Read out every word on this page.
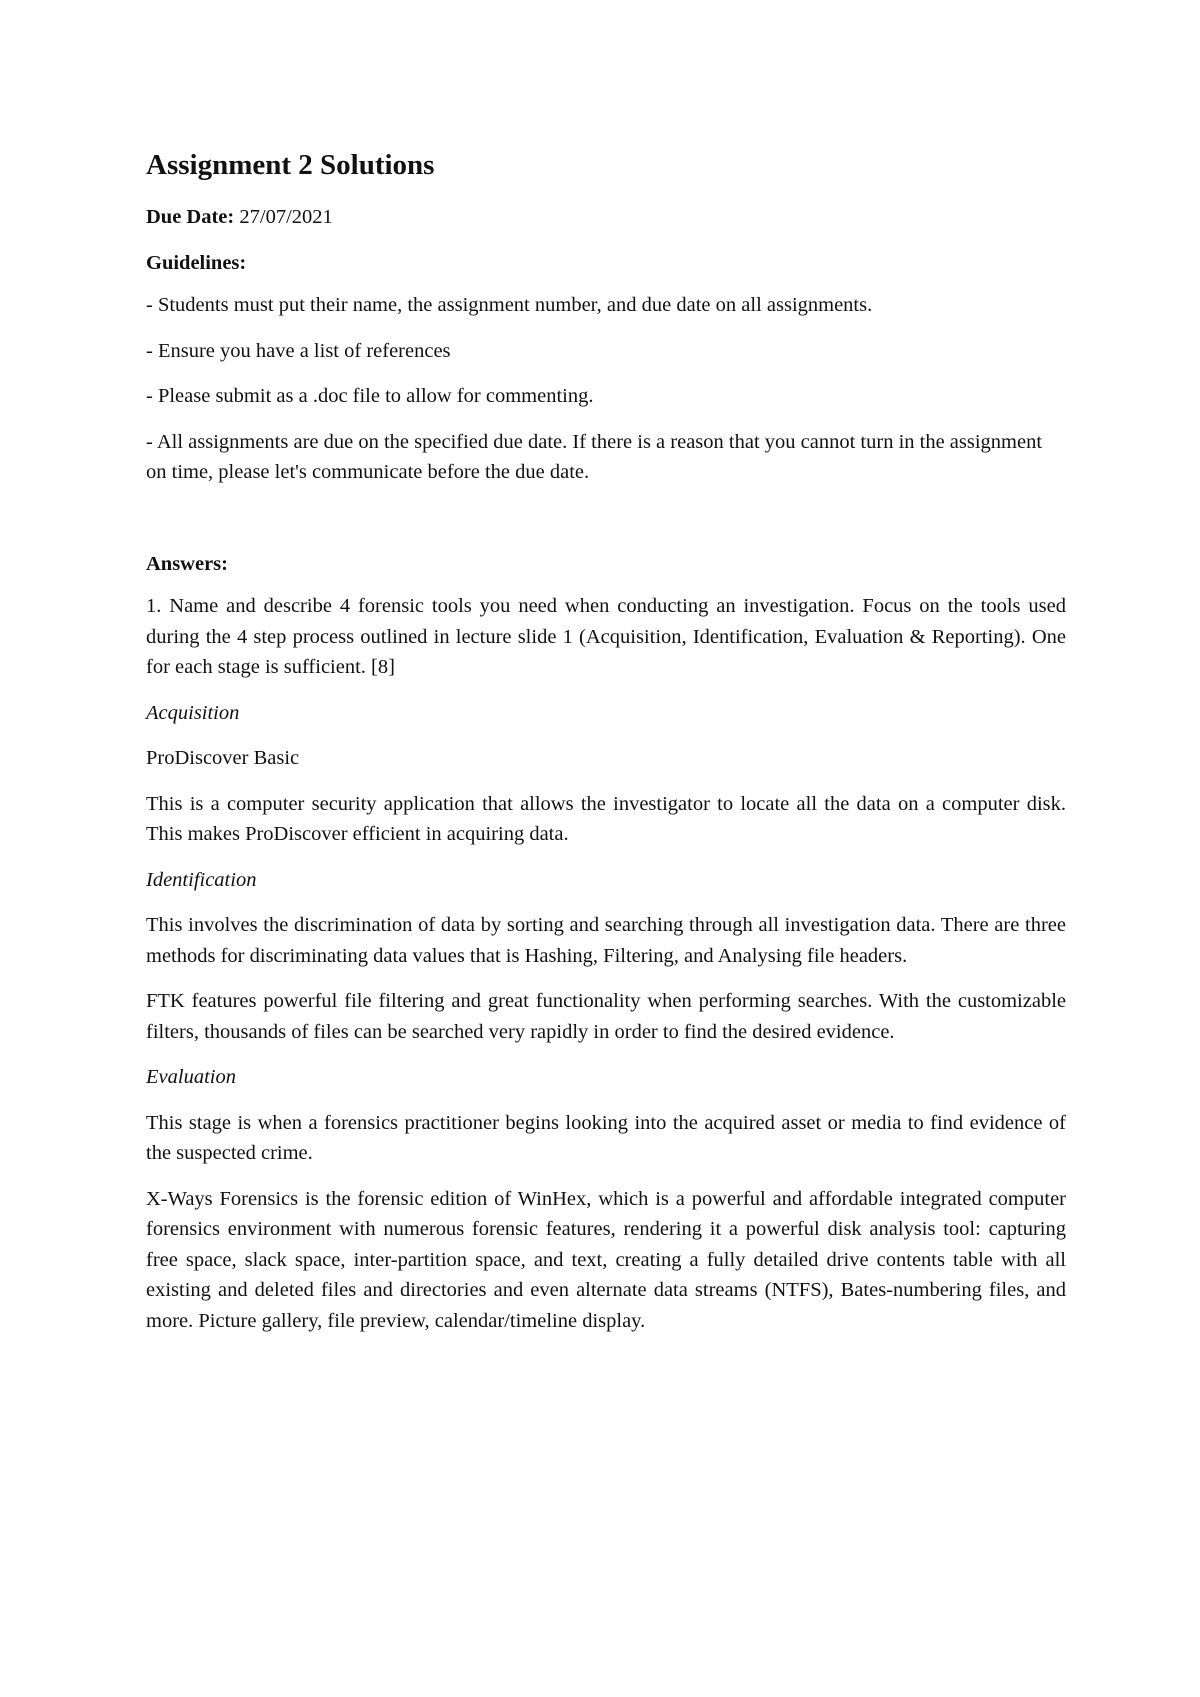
Assignment 2 Solutions

Due Date: 27/07/2021

Guidelines:

- Students must put their name, the assignment number, and due date on all assignments.

- Ensure you have a list of references

- Please submit as a .doc file to allow for commenting.

- All assignments are due on the specified due date. If there is a reason that you cannot turn in the assignment on time, please let's communicate before the due date.

Answers:

1. Name and describe 4 forensic tools you need when conducting an investigation. Focus on the tools used during the 4 step process outlined in lecture slide 1 (Acquisition, Identification, Evaluation & Reporting). One for each stage is sufficient. [8]

Acquisition

ProDiscover Basic

This is a computer security application that allows the investigator to locate all the data on a computer disk. This makes ProDiscover efficient in acquiring data.

Identification

This involves the discrimination of data by sorting and searching through all investigation data. There are three methods for discriminating data values that is Hashing, Filtering, and Analysing file headers.

FTK features powerful file filtering and great functionality when performing searches. With the customizable filters, thousands of files can be searched very rapidly in order to find the desired evidence.

Evaluation

This stage is when a forensics practitioner begins looking into the acquired asset or media to find evidence of the suspected crime.

X-Ways Forensics is the forensic edition of WinHex, which is a powerful and affordable integrated computer forensics environment with numerous forensic features, rendering it a powerful disk analysis tool: capturing free space, slack space, inter-partition space, and text, creating a fully detailed drive contents table with all existing and deleted files and directories and even alternate data streams (NTFS), Bates-numbering files, and more. Picture gallery, file preview, calendar/timeline display.
